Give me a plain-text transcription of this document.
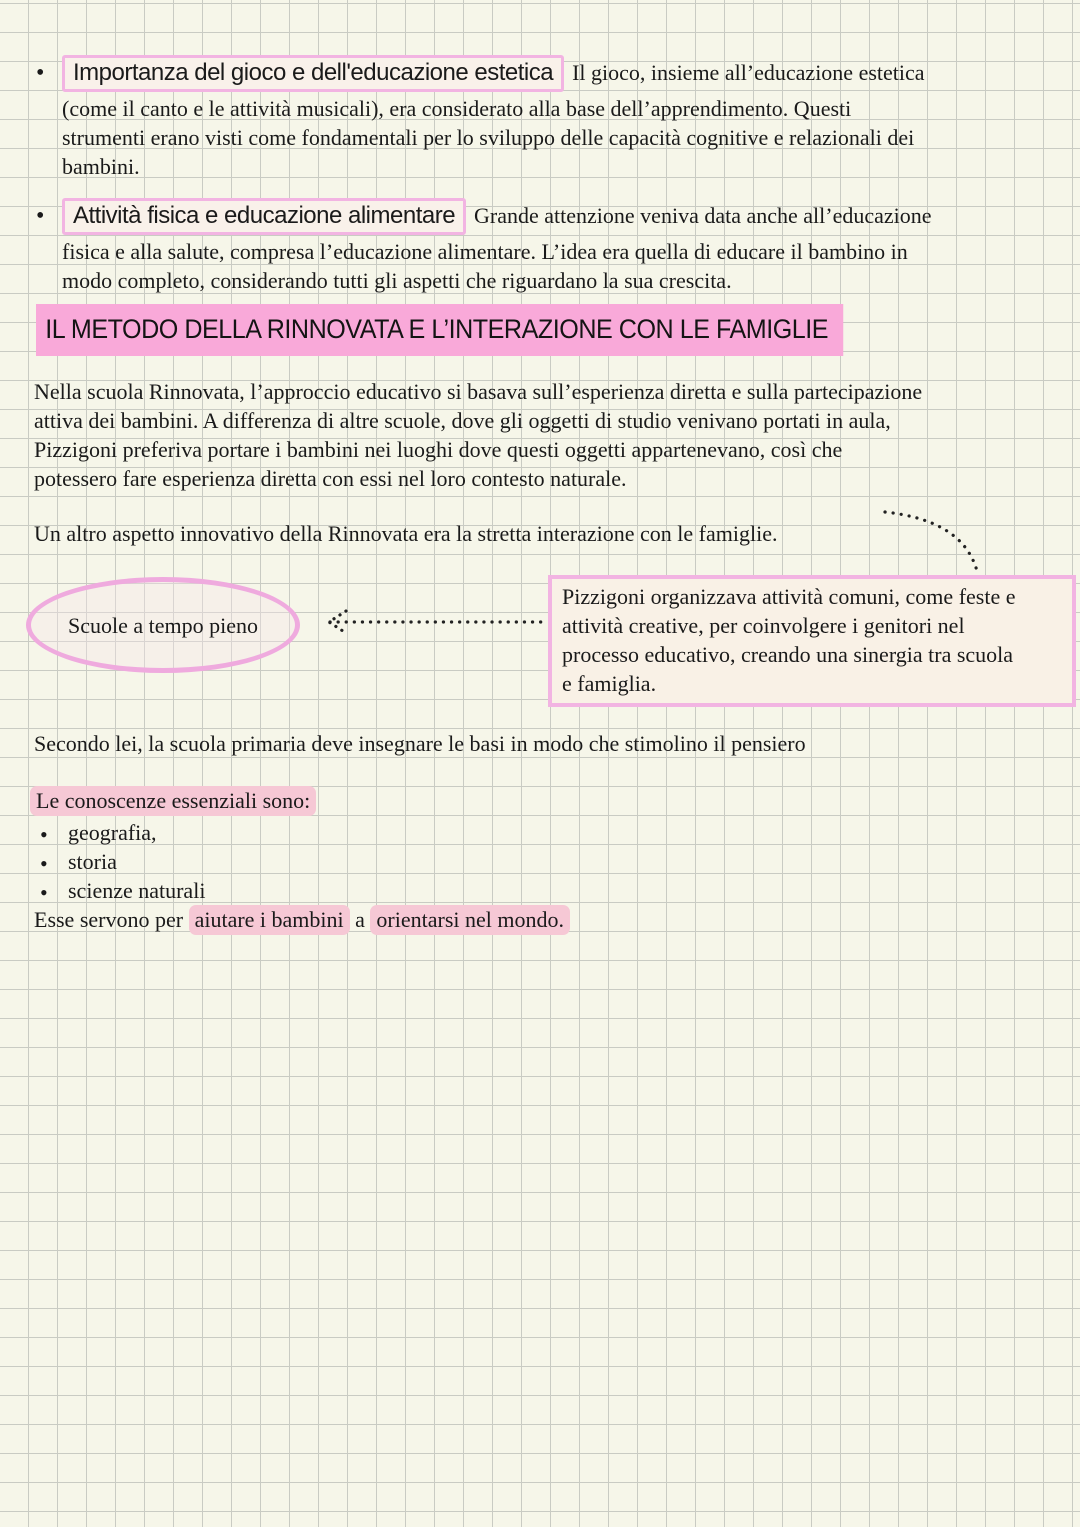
• Importanza del gioco e dell'educazione estetica Il gioco, insieme all’educazione estetica
(come il canto e le attività musicali), era considerato alla base dell’apprendimento. Questi
strumenti erano visti come fondamentali per lo sviluppo delle capacità cognitive e relazionali dei
bambini.
• Attività fisica e educazione alimentare Grande attenzione veniva data anche all’educazione
fisica e alla salute, compresa l’educazione alimentare. L’idea era quella di educare il bambino in
modo completo, considerando tutti gli aspetti che riguardano la sua crescita.
IL METODO DELLA RINNOVATA E L’INTERAZIONE CON LE FAMIGLIE
Nella scuola Rinnovata, l’approccio educativo si basava sull’esperienza diretta e sulla partecipazione
attiva dei bambini. A differenza di altre scuole, dove gli oggetti di studio venivano portati in aula,
Pizzigoni preferiva portare i bambini nei luoghi dove questi oggetti appartenevano, così che
potessero fare esperienza diretta con essi nel loro contesto naturale.
Un altro aspetto innovativo della Rinnovata era la stretta interazione con le famiglie.
Scuole a tempo pieno
Pizzigoni organizzava attività comuni, come feste e
attività creative, per coinvolgere i genitori nel
processo educativo, creando una sinergia tra scuola
e famiglia.
Secondo lei, la scuola primaria deve insegnare le basi in modo che stimolino il pensiero
Le conoscenze essenziali sono:
• geografia,
• storia
• scienze naturali
Esse servono per aiutare i bambini a orientarsi nel mondo.
